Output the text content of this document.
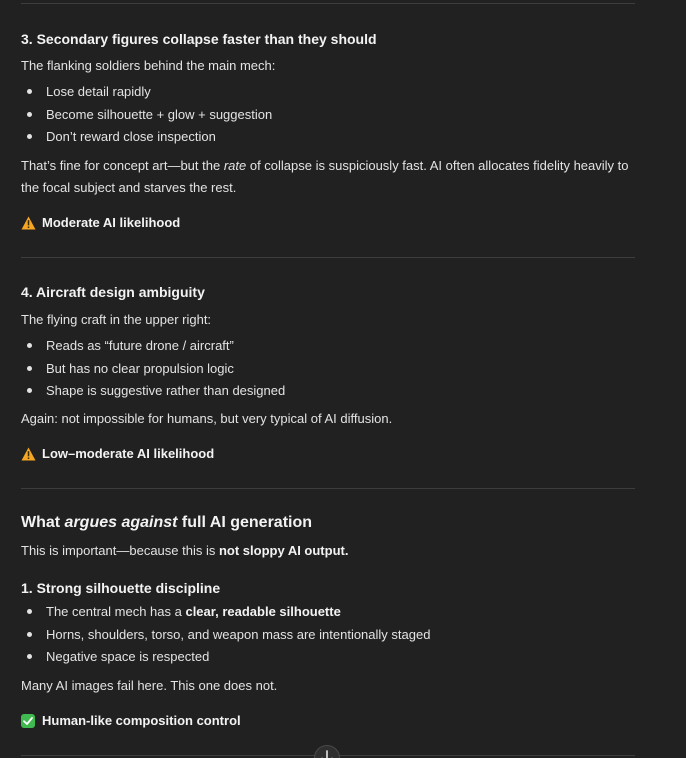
3. Secondary figures collapse faster than they should
The flanking soldiers behind the main mech:
Lose detail rapidly
Become silhouette + glow + suggestion
Don’t reward close inspection
That’s fine for concept art—but the rate of collapse is suspiciously fast. AI often allocates fidelity heavily to the focal subject and starves the rest.
Moderate AI likelihood
4. Aircraft design ambiguity
The flying craft in the upper right:
Reads as “future drone / aircraft”
But has no clear propulsion logic
Shape is suggestive rather than designed
Again: not impossible for humans, but very typical of AI diffusion.
Low–moderate AI likelihood
What argues against full AI generation
This is important—because this is not sloppy AI output.
1. Strong silhouette discipline
The central mech has a clear, readable silhouette
Horns, shoulders, torso, and weapon mass are intentionally staged
Negative space is respected
Many AI images fail here. This one does not.
Human-like composition control
